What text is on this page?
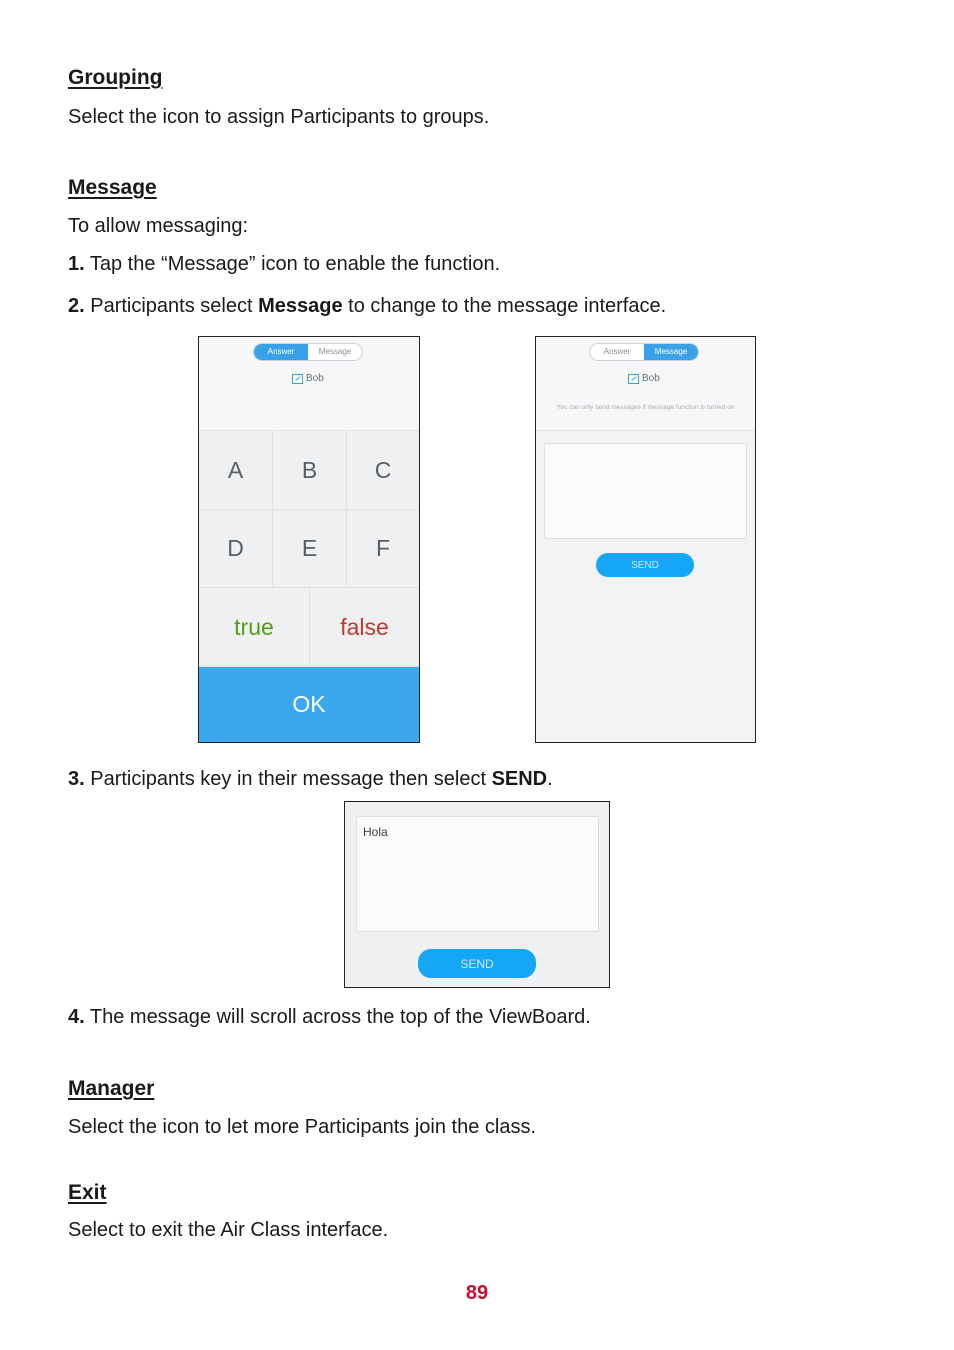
Grouping
Select the icon to assign Participants to groups.
Message
To allow messaging:
1. Tap the “Message” icon to enable the function.
2. Participants select Message to change to the message interface.
Answer	Message
Bob
A	B	C
D	E	F
true	false
OK
Answer	Message
Bob
You can only send messages if message function is turned on
SEND
3. Participants key in their message then select SEND.
Hola
SEND
4. The message will scroll across the top of the ViewBoard.
Manager
Select the icon to let more Participants join the class.
Exit
Select to exit the Air Class interface.
89
